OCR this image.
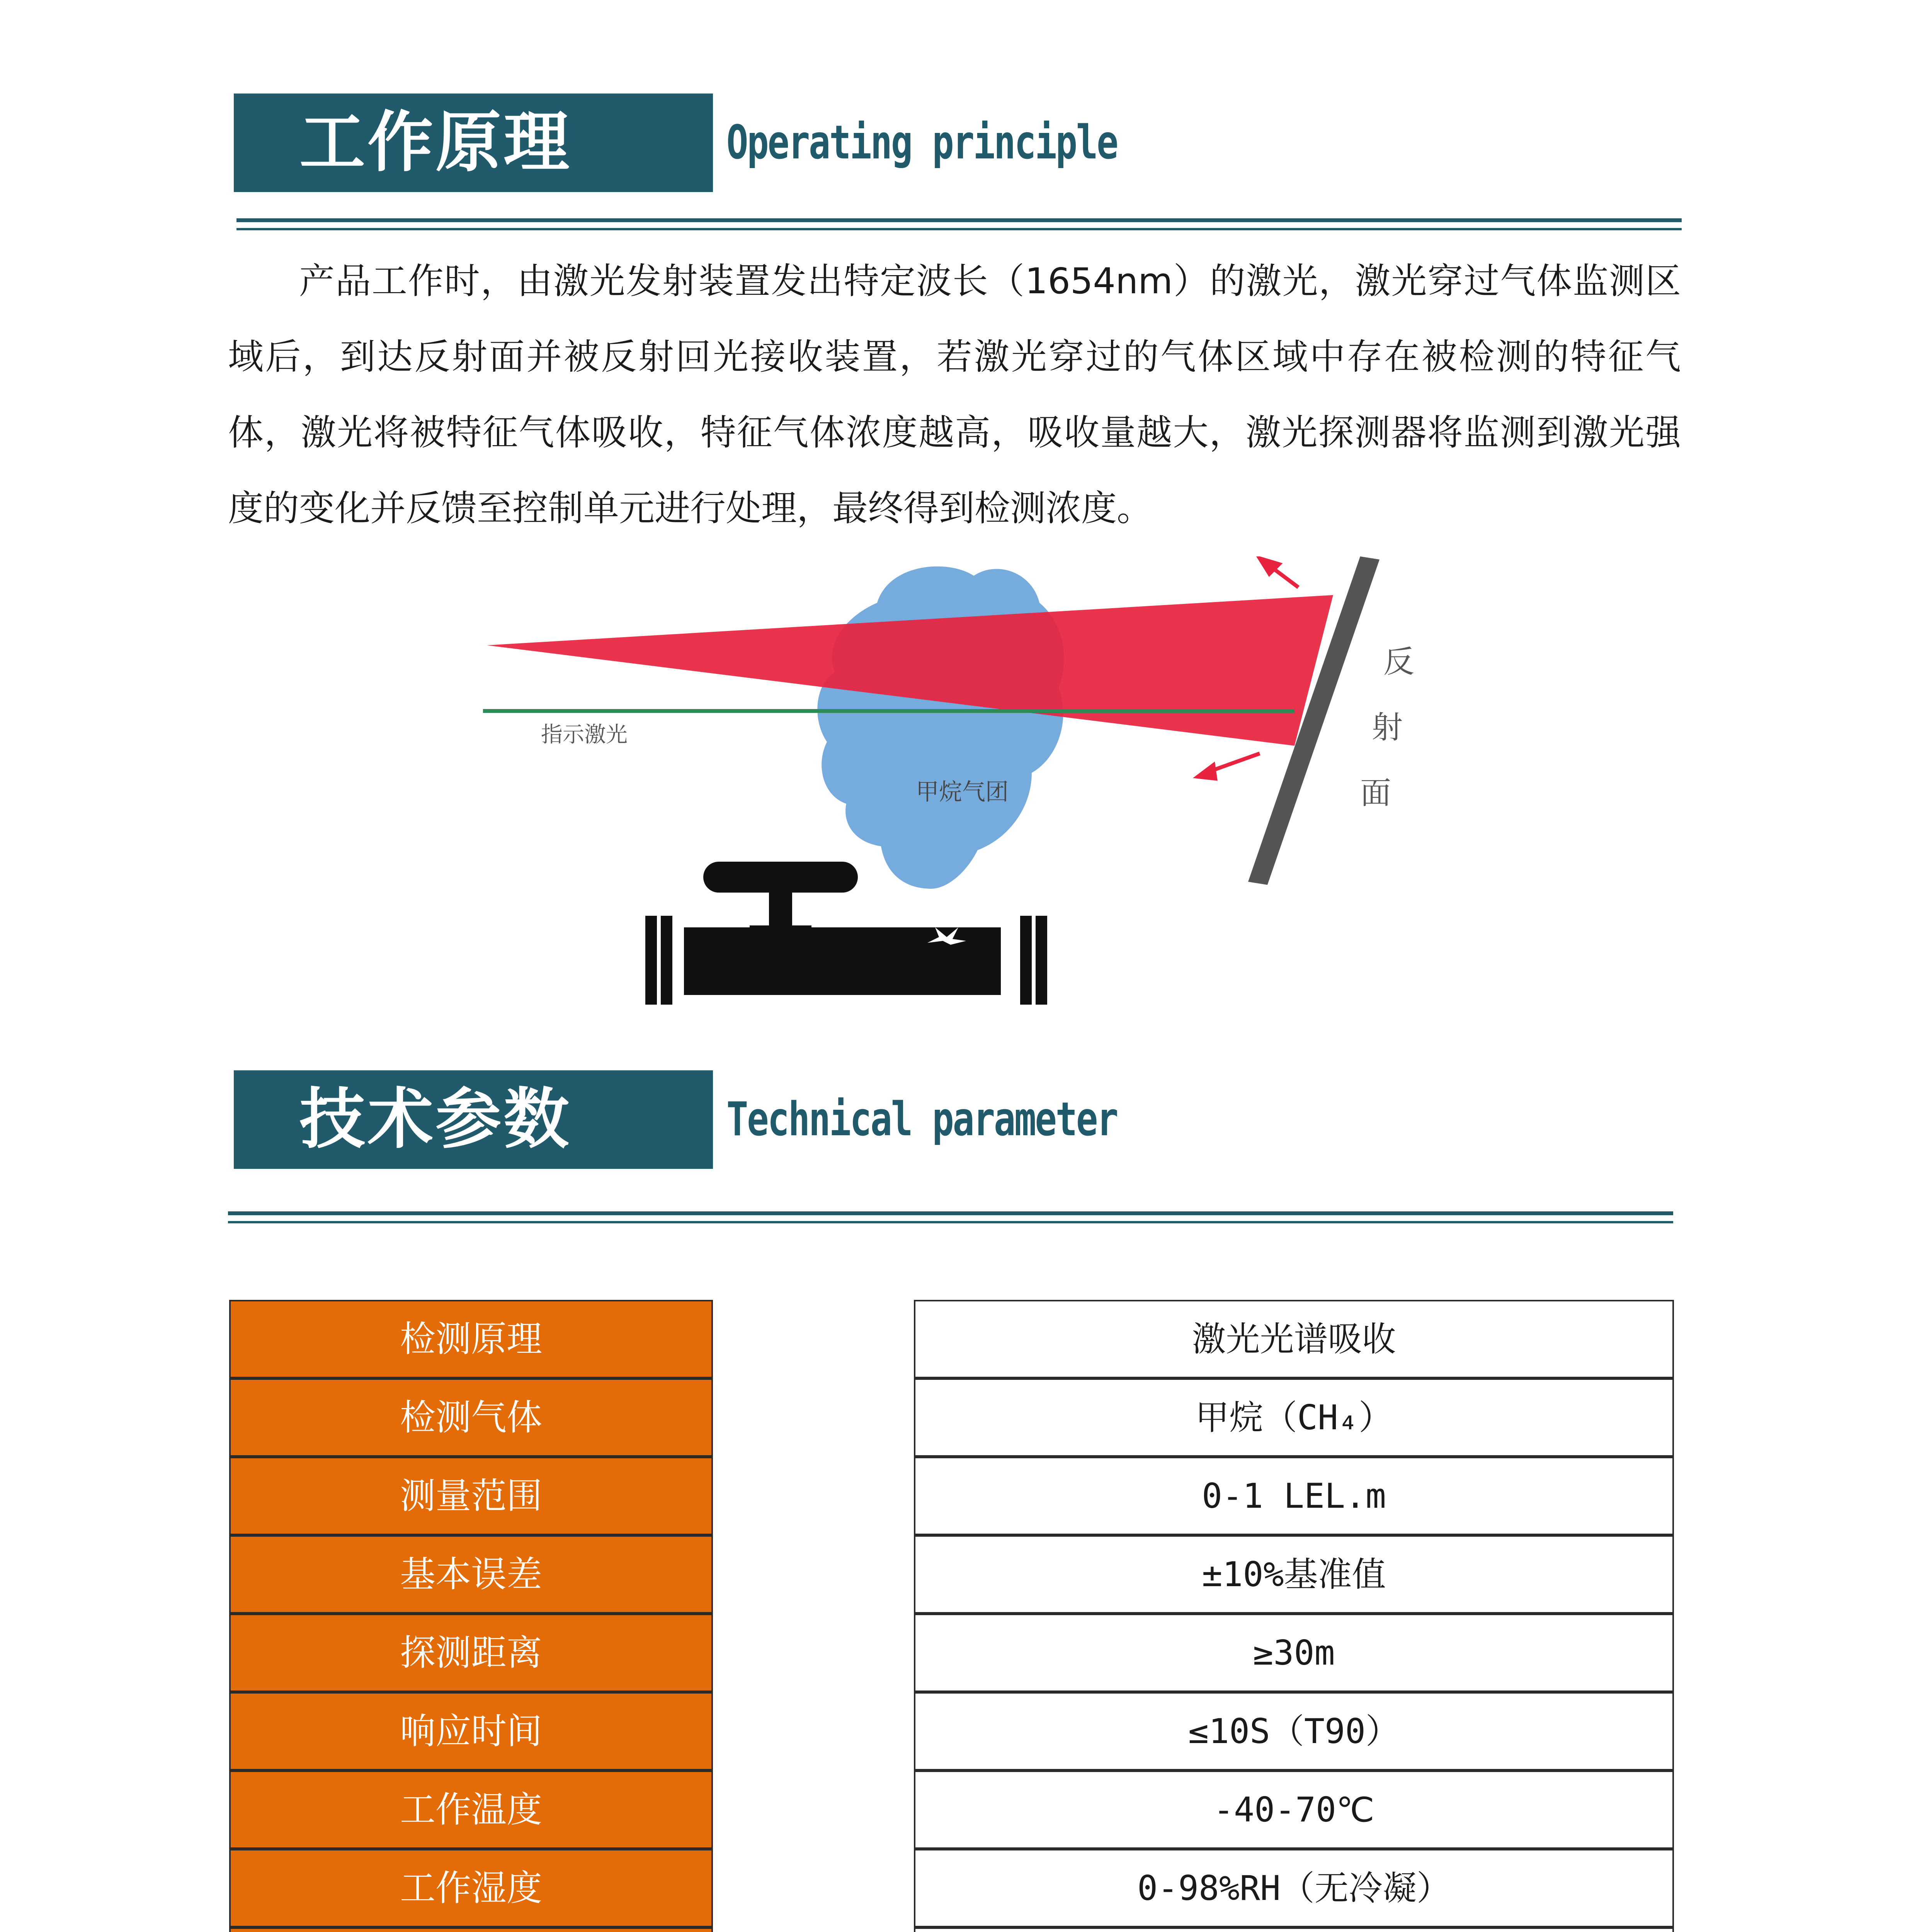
工作原理	Operating principle
产品工作时，由激光发射装置发出特定波长（1654nm）的激光，激光穿过气体监测区域后，到达反射面并被反射回光接收装置，若激光穿过的气体区域中存在被检测的特征气体，激光将被特征气体吸收，特征气体浓度越高，吸收量越大，激光探测器将监测到激光强度的变化并反馈至控制单元进行处理，最终得到检测浓度。
指示激光
甲烷气团
反
射
面
技术参数	Technical parameter
检测原理	激光光谱吸收
检测气体	甲烷（CH₄）
测量范围	0-1 LEL.m
基本误差	±10%基准值
探测距离	≥30m
响应时间	≤10S（T90）
工作温度	-40-70℃
工作湿度	0-98%RH（无冷凝）
